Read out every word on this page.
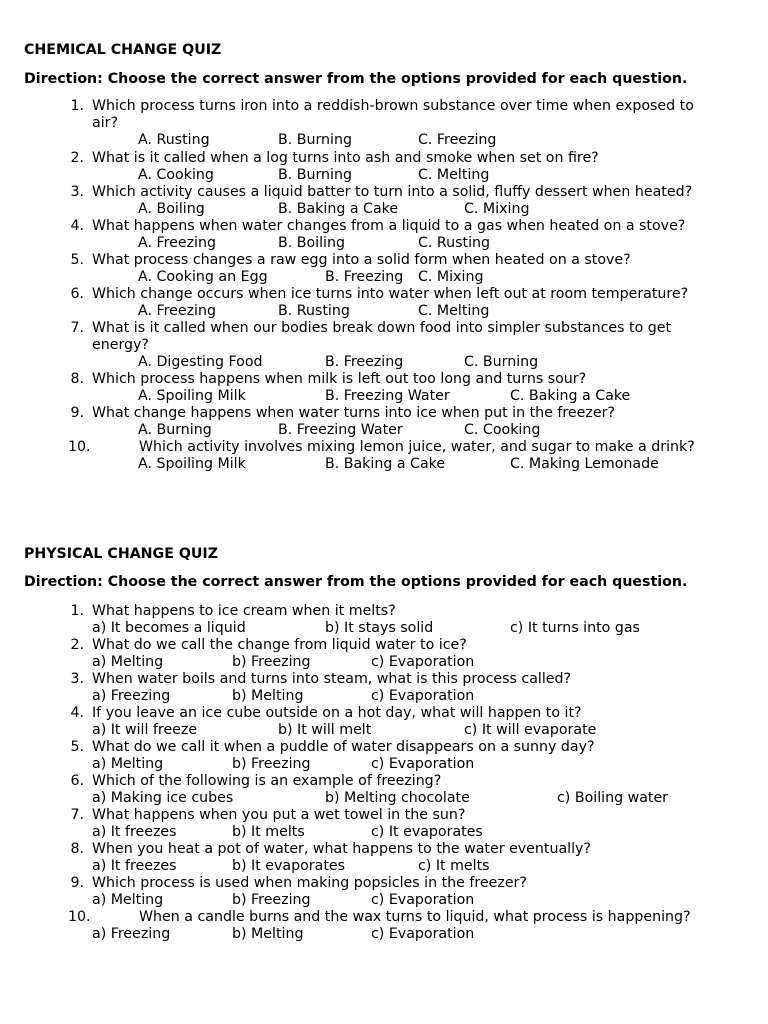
CHEMICAL CHANGE QUIZ
Direction: Choose the correct answer from the options provided for each question.
1. Which process turns iron into a reddish-brown substance over time when exposed to
air?
A. Rusting	B. Burning	C. Freezing
2. What is it called when a log turns into ash and smoke when set on fire?
A. Cooking	B. Burning	C. Melting
3. Which activity causes a liquid batter to turn into a solid, fluffy dessert when heated?
A. Boiling	B. Baking a Cake	C. Mixing
4. What happens when water changes from a liquid to a gas when heated on a stove?
A. Freezing	B. Boiling	C. Rusting
5. What process changes a raw egg into a solid form when heated on a stove?
A. Cooking an Egg	B. Freezing C. Mixing
6. Which change occurs when ice turns into water when left out at room temperature?
A. Freezing	B. Rusting	C. Melting
7. What is it called when our bodies break down food into simpler substances to get
energy?
A. Digesting Food	B. Freezing	C. Burning
8. Which process happens when milk is left out too long and turns sour?
A. Spoiling Milk	B. Freezing Water	C. Baking a Cake
9. What change happens when water turns into ice when put in the freezer?
A. Burning	B. Freezing Water	C. Cooking
10.	Which activity involves mixing lemon juice, water, and sugar to make a drink?
A. Spoiling Milk	B. Baking a Cake	C. Making Lemonade
PHYSICAL CHANGE QUIZ
Direction: Choose the correct answer from the options provided for each question.
1. What happens to ice cream when it melts?
a) It becomes a liquid	b) It stays solid	c) It turns into gas
2. What do we call the change from liquid water to ice?
a) Melting	b) Freezing	c) Evaporation
3. When water boils and turns into steam, what is this process called?
a) Freezing	b) Melting	c) Evaporation
4. If you leave an ice cube outside on a hot day, what will happen to it?
a) It will freeze	b) It will melt	c) It will evaporate
5. What do we call it when a puddle of water disappears on a sunny day?
a) Melting	b) Freezing	c) Evaporation
6. Which of the following is an example of freezing?
a) Making ice cubes	b) Melting chocolate	c) Boiling water
7. What happens when you put a wet towel in the sun?
a) It freezes	b) It melts	c) It evaporates
8. When you heat a pot of water, what happens to the water eventually?
a) It freezes	b) It evaporates	c) It melts
9. Which process is used when making popsicles in the freezer?
a) Melting	b) Freezing	c) Evaporation
10.	When a candle burns and the wax turns to liquid, what process is happening?
a) Freezing	b) Melting	c) Evaporation
